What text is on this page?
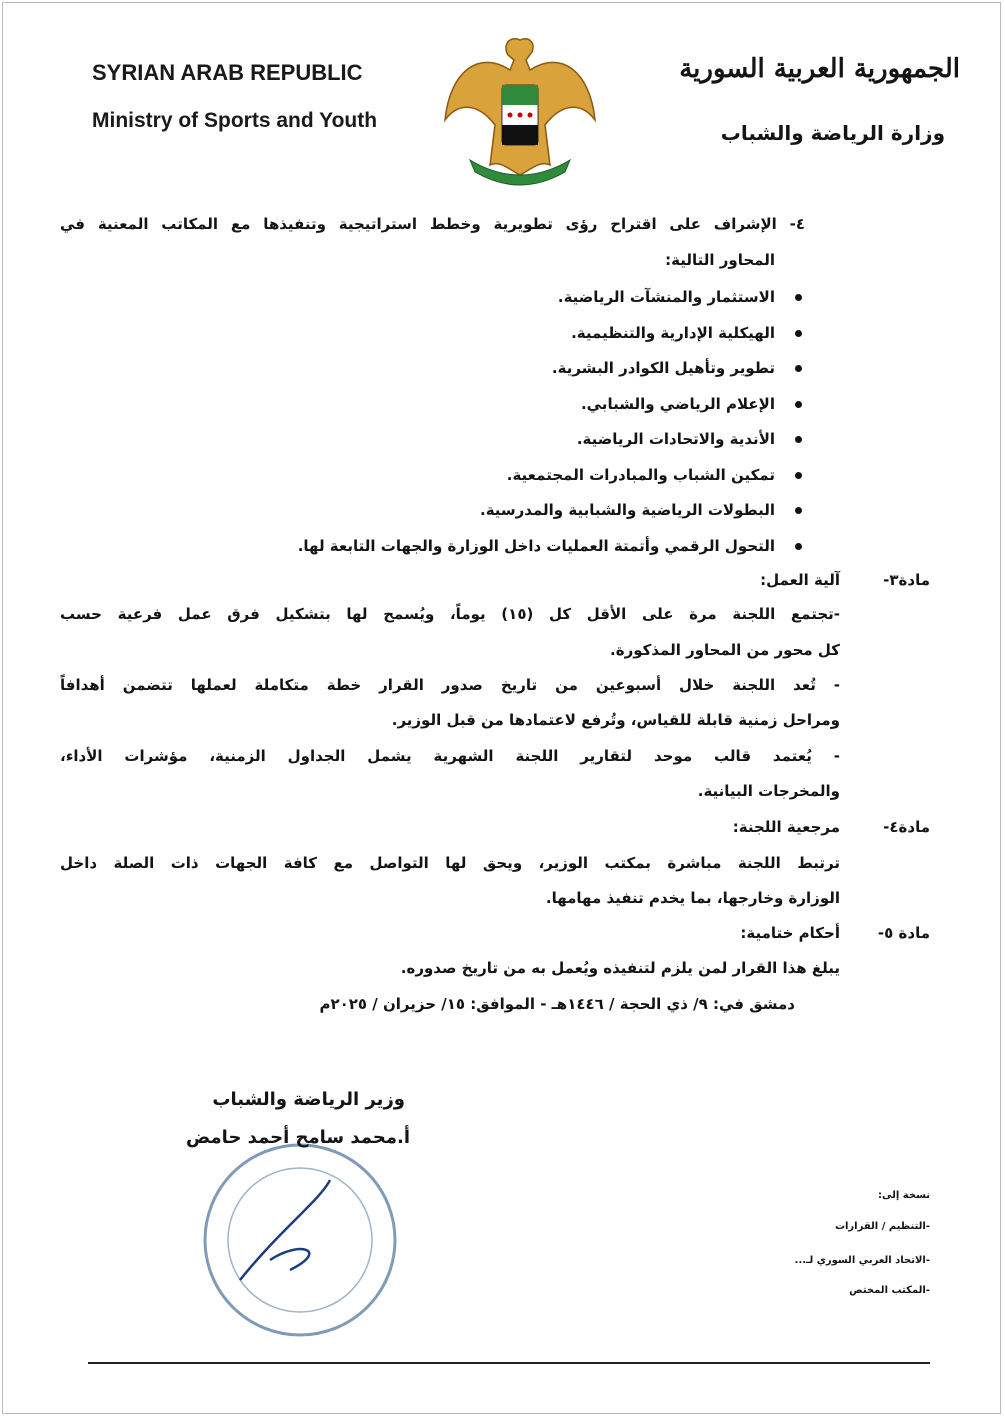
SYRIAN ARAB REPUBLIC
Ministry of Sports and Youth
الجمهورية العربية السورية
وزارة الرياضة والشباب
٤- الإشراف على اقتراح رؤى تطويرية وخطط استراتيجية وتنفيذها مع المكاتب المعنية في
المحاور التالية:
الاستثمار والمنشآت الرياضية.
الهيكلية الإدارية والتنظيمية.
تطوير وتأهيل الكوادر البشرية.
الإعلام الرياضي والشبابي.
الأندية والاتحادات الرياضية.
تمكين الشباب والمبادرات المجتمعية.
البطولات الرياضية والشبابية والمدرسية.
التحول الرقمي وأتمتة العمليات داخل الوزارة والجهات التابعة لها.
مادة٣-
آلية العمل:
-تجتمع اللجنة مرة على الأقل كل (١٥) يوماً، ويُسمح لها بتشكيل فرق عمل فرعية حسب
كل محور من المحاور المذكورة.
- تُعد اللجنة خلال أسبوعين من تاريخ صدور القرار خطة متكاملة لعملها تتضمن أهدافاً
ومراحل زمنية قابلة للقياس، وتُرفع لاعتمادها من قبل الوزير.
- يُعتمد قالب موحد لتقارير اللجنة الشهرية يشمل الجداول الزمنية، مؤشرات الأداء،
والمخرجات البيانية.
مادة٤-
مرجعية اللجنة:
ترتبط اللجنة مباشرة بمكتب الوزير، ويحق لها التواصل مع كافة الجهات ذات الصلة داخل
الوزارة وخارجها، بما يخدم تنفيذ مهامها.
مادة ٥-
أحكام ختامية:
يبلغ هذا القرار لمن يلزم لتنفيذه ويُعمل به من تاريخ صدوره.
دمشق في: ٩/ ذي الحجة / ١٤٤٦هـ - الموافق: ١٥/ حزيران / ٢٠٢٥م
وزير الرياضة والشباب
أ.محمد سامح أحمد حامض
نسخة إلى:
-التنظيم / القرارات
-الاتحاد العربي السوري لـ...
-المكتب المختص
